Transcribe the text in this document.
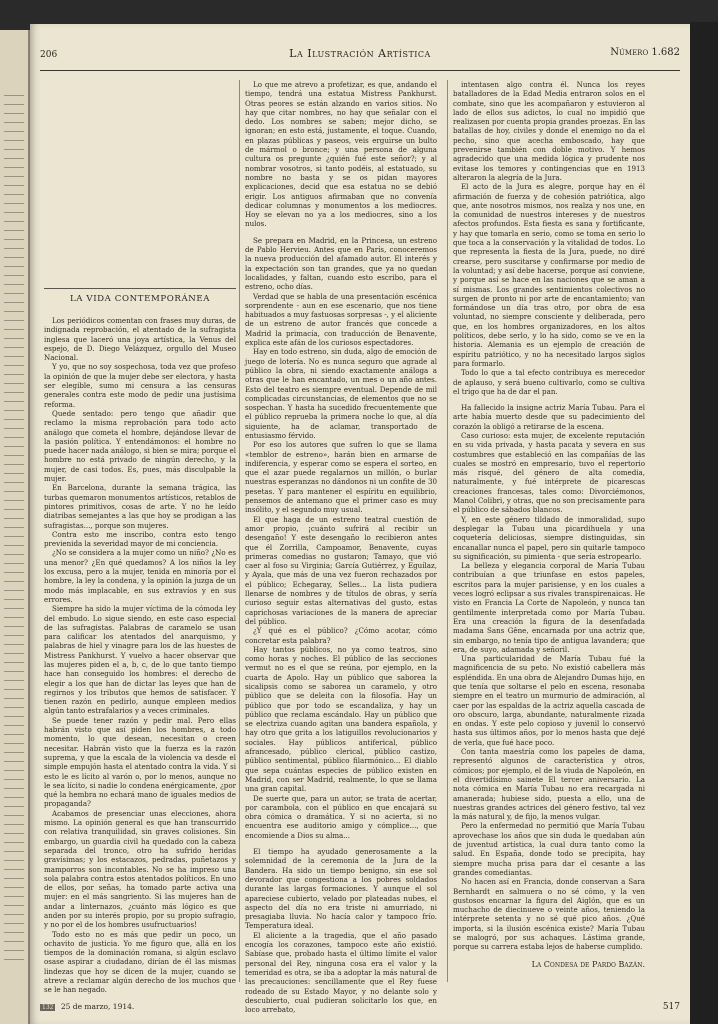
206	La Ilustración Artística	Número 1.682
LA VIDA CONTEMPORÁNEA

Los periódicos comentan con frases muy duras, de indignada reprobación, el atentado de la sufragista inglesa que laceró una joya artística, la Venus del espejo, de D. Diego Velázquez, orgullo del Museo Nacional.

Y yo, que no soy sospechosa, toda vez que profeso la opinión de que la mujer debe ser electora, y hasta ser elegible, sumo mi censura a las censuras generales contra este modo de pedir una justísima reforma.

Quede sentado: pero tengo que añadir que reclamo la misma reprobación para todo acto análogo que cometa el hombre, dejándose llevar de la pasión política. Y entendámonos: el hombre no puede hacer nada análogo, si bien se mira; porque el hombre no está privado de ningún derecho, y la mujer, de casi todos. Es, pues, más disculpable la mujer.

En Barcelona, durante la semana trágica, las turbas quemaron monumentos artísticos, retablos de pintores primitivos, cosas de arte. Y no he leído diatribas semejantes a las que hoy se prodigan a las sufragistas..., porque son mujeres.

Contra esto me inscribo, contra esto tengo previenida la severidad mayor de mi conciencia.

¿No se considera a la mujer como un niño? ¿No es una menor? ¿En qué quedamos? A los niños la ley los excusa, pero a la mujer, tenida en minoría por el hombre, la ley la condena, y la opinión la juzga de un modo más implacable, en sus extravíos y en sus errores.

Siempre ha sido la mujer víctima de la cómoda ley del embudo. Lo sigue siendo, en este caso especial de las sufragistas. Palabras de caramelo se usan para calificar los atentados del anarquismo, y palabras de hiel y vinagre para los de las huestes de Mistress Pankhurst. Y vuelvo a hacer observar que las mujeres piden el a, b, c, de lo que tanto tiempo hace han conseguido los hombres: el derecho de elegir a los que han de dictar las leyes que han de regirnos y los tributos que hemos de satisfacer. Y tienen razón en pedirlo, aunque empleen medios algún tanto estrafalarios y a veces criminales.

Se puede tener razón y pedir mal. Pero ellas habrán visto que así piden los hombres, a todo momento, lo que desean, necesitan o creen necesitar. Habrán visto que la fuerza es la razón suprema, y que la escala de la violencia va desde el simple empujón hasta el atentado contra la vida. Y si esto le es lícito al varón o, por lo menos, aunque no le sea lícito, si nadie lo condena enérgicamente, ¿por qué la hembra no echará mano de iguales medios de propaganda?

Acabamos de presenciar unas elecciones, ahora mismo. La opinión general es que han transcurrido con relativa tranquilidad, sin graves colisiones. Sin embargo, un guardia civil ha quedado con la cabeza separada del tronco, otro ha sufrido heridas gravísimas; y los estacazos, pedradas, puñetazos y mamporros son incontables. No se ha impreso una sola palabra contra estos atentados políticos. En uno de ellos, por señas, ha tomado parte activa una mujer: en el más sangriento. Si las mujeres han de andar a linternazos, ¿cuánto más lógico es que anden por su interés propio, por su propio sufragio, y no por el de los hombres usufructuarios!

Todo esto no es más que pedir un poco, un ochavito de justicia. Yo me figuro que, allá en los tiempos de la dominación romana, si algún esclavo osase aspirar a ciudadano, dirían de él las mismas lindezas que hoy se dicen de la mujer, cuando se atreve a reclamar algún derecho de los muchos que se le han negado.

Lo que me atrevo a profetizar, es que, andando el tiempo, tendrá una estatua Mistress Pankhurst. Otras peores se están alzando en varios sitios. No hay que citar nombres, no hay que señalar con el dedo. Los nombres se saben; mejor dicho, se ignoran; en esto está, justamente, el toque. Cuando, en plazas públicas y paseos, veis erguirse un bulto de mármol o bronce; y una persona de alguna cultura os pregunte ¿quién fué este señor?; y al nombrar vosotros, si tanto podéis, al estatuado, su nombre no basta y se os pidan mayores explicaciones, decid que esa estatua no se debió erigir. Los antiguos afirmaban que no convenía dedicar columnas y monumentos a los mediocres. Hoy se elevan no ya a los mediocres, sino a los nulos.

Se prepara en Madrid, en la Princesa, un estreno de Pablo Hervieu. Antes que en París, conoceremos la nueva producción del afamado autor. El interés y la expectación son tan grandes, que ya no quedan localidades, y faltan, cuando esto escribo, para el estreno, ocho días.

Verdad que se habla de una presentación escénica sorprendente - aun en ese escenario, que nos tiene habituados a muy fastuosas sorpresas -, y el aliciente de un estreno de autor francés que concede a Madrid la primacía, con traducción de Benavente, explica este afán de los curiosos espectadores.

Hay en todo estreno, sin duda, algo de emoción de juego de lotería. No es nunca seguro que agrade al público la obra, ni siendo exactamente análoga a otras que le han encantado, un mes o un año antes. Esto del teatro es siempre eventual. Depende de mil complicadas circunstancias, de elementos que no se sospechan. Y hasta ha sucedido frecuentemente que el público reprueba la primera noche lo que, al día siguiente, ha de aclamar, transportado de entusiasmo férvido.

Por eso los autores que sufren lo que se llama «temblor de estreno», harán bien en armarse de indiferencia, y esperar como se espera el sorteo, en que el azar puede regalarnos un millón, o burlar nuestras esperanzas no dándonos ni un confite de 30 pesetas. Y para mantener el espíritu en equilibrio, pensemos de antemano que el primer caso es muy insólito, y el segundo muy usual.

El que haga de un estreno teatral cuestión de amor propio, ¡cuánto sufrirá al recibir un desengaño! Y este desengaño lo recibieron antes que él Zorrilla, Campoamor, Benavente, cuyas primeras comedias no gustaron; Tamayo, que vió caer al foso su Virginia; García Gutiérrez, y Eguílaz, y Ayala, que más de una vez fueron rechazados por el público; Echegaray, Selles... La lista pudiera llenarse de nombres y de títulos de obras, y sería curioso seguir estas alternativas del gusto, estas caprichosas variaciones de la manera de apreciar del público.

¿Y qué es el público? ¿Cómo acotar, cómo concretar esta palabra?

Hay tantos públicos, no ya como teatros, sino como horas y noches. El público de las secciones vermut no es el que se reúna, por ejemplo, en la cuarta de Apolo. Hay un público que saborea la sicalipsis como se saborea un caramelo, y otro público que se deleita con la filosofía. Hay un público que por todo se escandaliza, y hay un público que reclama escándalo. Hay un público que se electriza cuando agitan una bandera española, y hay otro que grita a los latiguillos revolucionarios y sociales. Hay públicos antiferical, público afrancesado, público clerical, público castizo, público sentimental, público filarmónico... El diablo que sepa cuántas especies de público existen en Madrid, con ser Madrid, realmente, lo que se llama una gran capital.

De suerte que, para un autor, se trata de acertar, por carambola, con el público en que encajará su obra cómica o dramática. Y si no acierta, si no encuentra ese auditorio amigo y cómplice..., que encomiende a Dios su alma...

El tiempo ha ayudado generosamente a la solemnidad de la ceremonia de la Jura de la Bandera. Ha sido un tiempo benigno, sin ese sol devorador que congestiona a los pobres soldados durante las largas formaciones. Y aunque el sol apareciese cubierto, velado por plateadas nubes, el aspecto del día no era triste ni amurriado, ni presagiaba lluvia. No hacía calor y tampoco frío. Temperatura ideal.

El aliciente a la tragedia, que el año pasado encogía los corazones, tampoco este año existió. Sabíase que, probado hasta el último límite el valor personal del Rey, ninguna cosa era el valor y la temeridad es otra, se iba a adoptar la más natural de las precauciones: sencillamente que el Rey fuese rodeado de su Estado Mayor, y no delante solo y descubierto, cual pudieran solicitarlo los que, en loco arrebato,

intentasen algo contra él. Nunca los reyes batalladores de la Edad Media entraron solos en el combate, sino que les acompañaron y estuvieron al lado de ellos sus adictos, lo cual no impidió que realizasen por cuenta propia grandes proezas. En las batallas de hoy, civiles y donde el enemigo no da el pecho, sino que acecha emboscado, hay que prevenirse también con doble motivo. Y hemos agradecido que una medida lógica y prudente nos evitase los temores y contingencias que en 1913 alteraron la alegría de la Jura.

El acto de la Jura es alegre, porque hay en él afirmación de fuerza y de cohesión patriótica, algo que, ante nosotros mismos, nos realza y nos une, en la comunidad de nuestros intereses y de nuestros afectos profundos. Esta fiesta es sana y fortificante, y hay que tomarla en serio, como se toma en serio lo que toca a la conservación y la vitalidad de todos. Lo que representa la fiesta de la Jura, puede, no diré crearse, pero suscitarse y confirmarse por medio de la voluntad; y así debe hacerse, porque así conviene, y porque así se hace en las naciones que se aman a sí mismas. Los grandes sentimientos colectivos no surgen de pronto ni por arte de encantamiento; van formándose un día tras otro, por obra de esa voluntad, no siempre consciente y deliberada, pero que, en los hombres organizadores, en los altos políticos, debe serlo, y lo ha sido, como se ve en la historia. Alemania es un ejemplo de creación de espíritu patriótico, y no ha necesitado largos siglos para formarlo.

Todo lo que a tal efecto contribuya es merecedor de aplauso, y será bueno cultivarlo, como se cultiva el trigo que ha de dar el pan.

Ha fallecido la insigne actriz María Tubau. Para el arte había muerto desde que su padecimiento del corazón la obligó a retirarse de la escena.

Caso curioso: esta mujer, de excelente reputación en su vida privada, y hasta pacata y severa en sus costumbres que estableció en las compañías de las cuales se mostró en empresario, tuvo el repertorio más risqué, del género de alta comedia, naturalmente, y fué intérprete de picarescas creaciones francesas, tales como: Divorciémonos, Manol Colibri, y otras, que no son precisamente para el público de sábados blancos.

Y, en este género tildado de inmoralidad, supo desplegar la Tubau una picardihuela y una coquetería deliciosas, siempre distinguidas, sin encanallar nunca el papel, pero sin quitarle tampoco su significación, su pimienta - que sería estropearlo.

La belleza y elegancia corporal de María Tubau contribuían a que triunfase en estos papeles, escritos para la mujer parisiense, y en los cuales a veces logró eclipsar a sus rivales transpirenaicas. He visto en Francia La Corte de Napoleón, y nunca tan gentilmente interpretada como por María Tubau. Era una creación la figura de la desenfadada madama Sans Gêne, encarnada por una actriz que, sin embargo, no tenía tipo de antigua lavandera; que era, de suyo, adamada y señoril.

Una particularidad de María Tubau fué la magnificencia de su peto. No existió cabellera más espléndida. En una obra de Alejandro Dumas hijo, en que tenía que soltarse el pelo en escena, resonaba siempre en el teatro un murmurio de admiración, al caer por las espaldas de la actriz aquella cascada de oro obscuro, larga, abundante, naturalmente rizada en ondas. Y este pelo copioso y juvenil lo conservó hasta sus últimos años, por lo menos hasta que dejé de verla, que fué hace poco.

Con tanta maestría como los papeles de dama, representó algunos de característica y otros, cómicos; por ejemplo, el de la viuda de Napoleón, en el divertidísimo sainete El tercer aniversario. La nota cómica en María Tubau no era recargada ni amanerada; hubiese sido, puesta a ello, una de nuestras grandes actrices del género festivo, tal vez la más natural y, de fijo, la menos vulgar.

Pero la enfermedad no permitió que María Tubau aprovechase los años que sin duda le quedaban aún de juventud artística, la cual dura tanto como la salud. En España, donde todo se precipita, hay siempre mucha prisa para dar el cesante a las grandes comediantas.

No hacen así en Francia, donde conservan a Sara Bernhardt en salmuera o no sé cómo, y la ven gustosos encarnar la figura del Aiglón, que es un muchacho de diecinueve o veinte años, teniendo la intérprete setenta y no sé qué pico años. ¿Qué importa, si la ilusión escénica existe? María Tubau se malogró, por sus achaques. Lástima grande, porque su carrera estaba lejos de haberse cumplido.

La Condesa de Pardo Bazán.
132 25 de marzo, 1914.	517
